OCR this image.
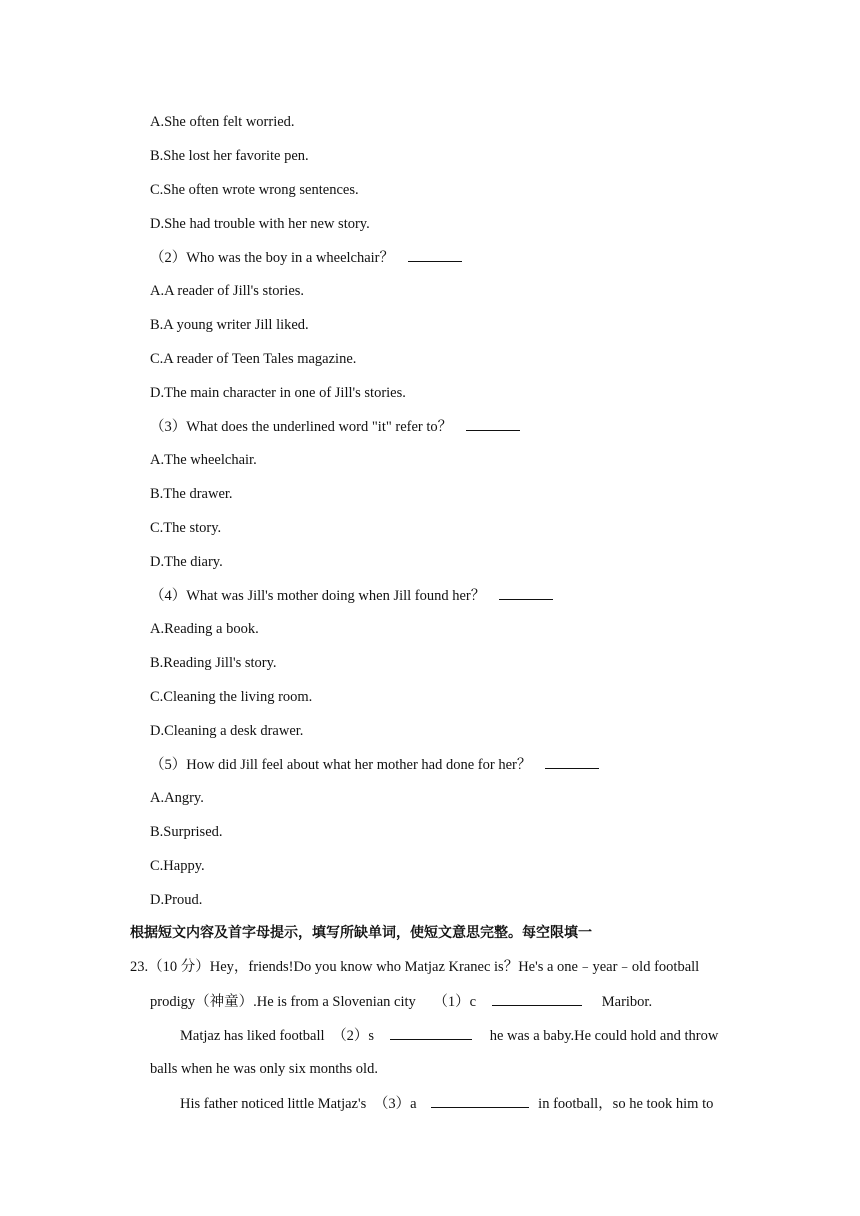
A.She often felt worried.
B.She lost her favorite pen.
C.She often wrote wrong sentences.
D.She had trouble with her new story.
（2）Who was the boy in a wheelchair？
A.A reader of Jill's stories.
B.A young writer Jill liked.
C.A reader of Teen Tales magazine.
D.The main character in one of Jill's stories.
（3）What does the underlined word "it" refer to？
A.The wheelchair.
B.The drawer.
C.The story.
D.The diary.
（4）What was Jill's mother doing when Jill found her？
A.Reading a book.
B.Reading Jill's story.
C.Cleaning the living room.
D.Cleaning a desk drawer.
（5）How did Jill feel about what her mother had done for her？
A.Angry.
B.Surprised.
C.Happy.
D.Proud.
根据短文内容及首字母提示，填写所缺单词，使短文意思完整。每空限填一
23.（10 分）Hey，friends!Do you know who Matjaz Kranec is？He's a one﹣year﹣old football
prodigy（神童）.He is from a Slovenian city （1）c	Maribor.
Matjaz has liked football （2）s	he was a baby.He could hold and throw
balls when he was only six months old.
His father noticed little Matjaz's （3）a	in football，so he took him to
